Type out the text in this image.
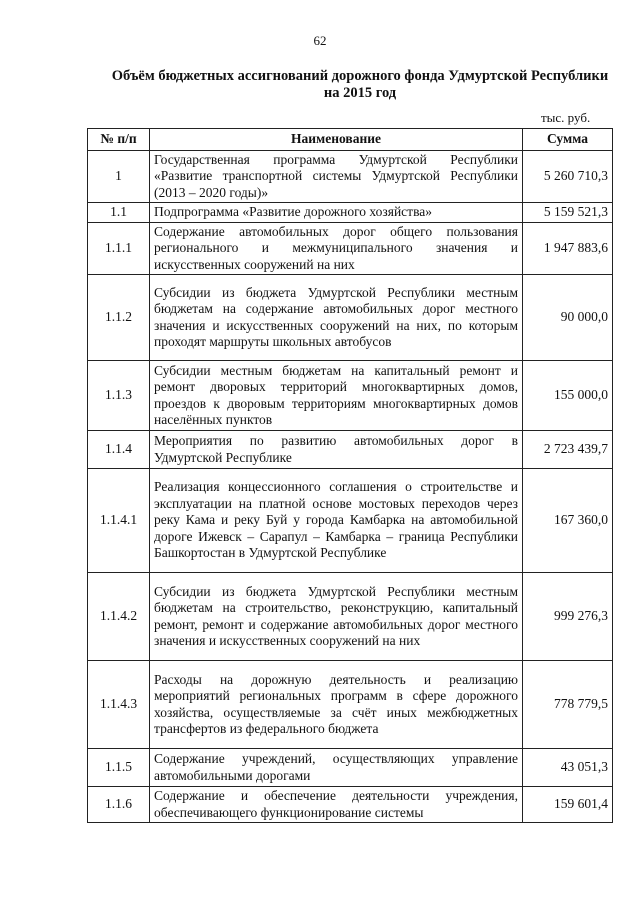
62
Объём бюджетных ассигнований дорожного фонда Удмуртской Республики на 2015 год
тыс. руб.
№ п/п	Наименование	Сумма
1	Государственная программа Удмуртской Республики «Развитие транспортной системы Удмуртской Республики (2013 – 2020 годы)»	5 260 710,3
1.1	Подпрограмма «Развитие дорожного хозяйства»	5 159 521,3
1.1.1	Содержание автомобильных дорог общего пользования регионального и межмуниципального значения и искусственных сооружений на них	1 947 883,6
1.1.2	Субсидии из бюджета Удмуртской Республики местным бюджетам на содержание автомобильных дорог местного значения и искусственных сооружений на них, по которым проходят маршруты школьных автобусов	90 000,0
1.1.3	Субсидии местным бюджетам на капитальный ремонт и ремонт дворовых территорий многоквартирных домов, проездов к дворовым территориям многоквартирных домов населённых пунктов	155 000,0
1.1.4	Мероприятия по развитию автомобильных дорог в Удмуртской Республике	2 723 439,7
1.1.4.1	Реализация концессионного соглашения о строительстве и эксплуатации на платной основе мостовых переходов через реку Кама и реку Буй у города Камбарка на автомобильной дороге Ижевск – Сарапул – Камбарка – граница Республики Башкортостан в Удмуртской Республике	167 360,0
1.1.4.2	Субсидии из бюджета Удмуртской Республики местным бюджетам на строительство, реконструкцию, капитальный ремонт, ремонт и содержание автомобильных дорог местного значения и искусственных сооружений на них	999 276,3
1.1.4.3	Расходы на дорожную деятельность и реализацию мероприятий региональных программ в сфере дорожного хозяйства, осуществляемые за счёт иных межбюджетных трансфертов из федерального бюджета	778 779,5
1.1.5	Содержание учреждений, осуществляющих управление автомобильными дорогами	43 051,3
1.1.6	Содержание и обеспечение деятельности учреждения, обеспечивающего функционирование системы	159 601,4
